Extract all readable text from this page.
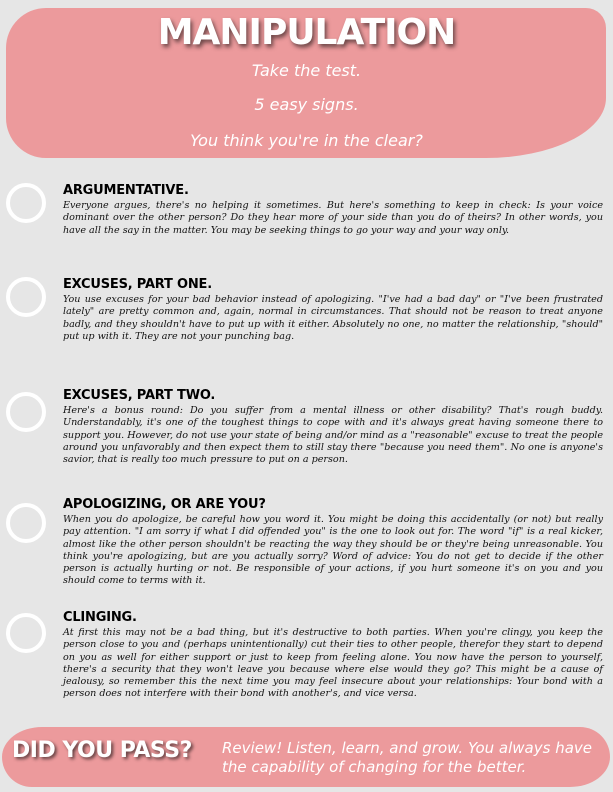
MANIPULATION
Take the test.
5 easy signs.
You think you're in the clear?
ARGUMENTATIVE.
Everyone argues, there's no helping it sometimes. But here's something to keep in check: Is your voice dominant over the other person? Do they hear more of your side than you do of theirs? In other words, you have all the say in the matter. You may be seeking things to go your way and your way only.
EXCUSES, PART ONE.
You use excuses for your bad behavior instead of apologizing. "I've had a bad day" or "I've been frustrated lately" are pretty common and, again, normal in circumstances. That should not be reason to treat anyone badly, and they shouldn't have to put up with it either. Absolutely no one, no matter the relationship, "should" put up with it. They are not your punching bag.
EXCUSES, PART TWO.
Here's a bonus round: Do you suffer from a mental illness or other disability? That's rough buddy. Understandably, it's one of the toughest things to cope with and it's always great having someone there to support you. However, do not use your state of being and/or mind as a "reasonable" excuse to treat the people around you unfavorably and then expect them to still stay there "because you need them". No one is anyone's savior, that is really too much pressure to put on a person.
APOLOGIZING, OR ARE YOU?
When you do apologize, be careful how you word it. You might be doing this accidentally (or not) but really pay attention. "I am sorry if what I did offended you" is the one to look out for. The word "if" is a real kicker, almost like the other person shouldn't be reacting the way they should be or they're being unreasonable. You think you're apologizing, but are you actually sorry? Word of advice: You do not get to decide if the other person is actually hurting or not. Be responsible of your actions, if you hurt someone it's on you and you should come to terms with it.
CLINGING.
At first this may not be a bad thing, but it's destructive to both parties. When you're clingy, you keep the person close to you and (perhaps unintentionally) cut their ties to other people, therefor they start to depend on you as well for either support or just to keep from feeling alone. You now have the person to yourself, there's a security that they won't leave you because where else would they go? This might be a cause of jealousy, so remember this the next time you may feel insecure about your relationships: Your bond with a person does not interfere with their bond with another's, and vice versa.
DID YOU PASS? Review! Listen, learn, and grow. You always have the capability of changing for the better.
